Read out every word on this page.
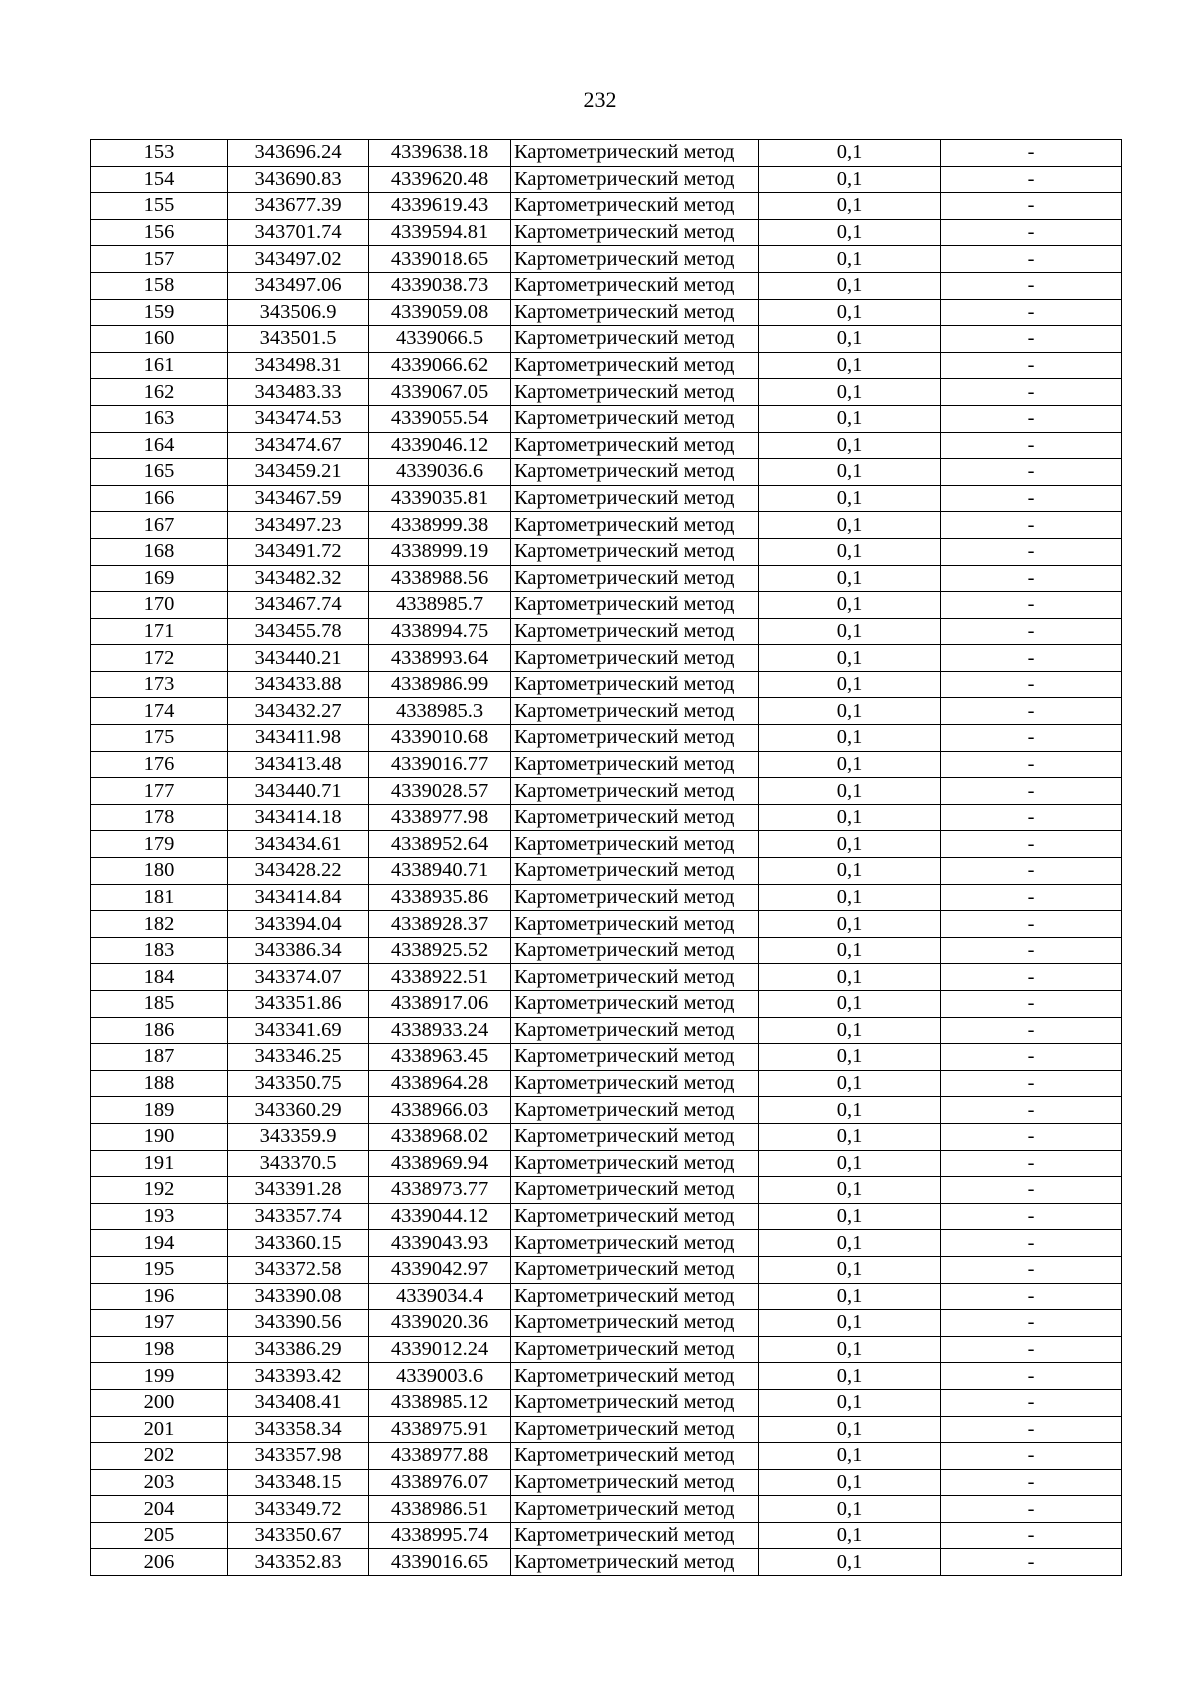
232
153	343696.24	4339638.18	Картометрический метод	0,1	-
154	343690.83	4339620.48	Картометрический метод	0,1	-
155	343677.39	4339619.43	Картометрический метод	0,1	-
156	343701.74	4339594.81	Картометрический метод	0,1	-
157	343497.02	4339018.65	Картометрический метод	0,1	-
158	343497.06	4339038.73	Картометрический метод	0,1	-
159	343506.9	4339059.08	Картометрический метод	0,1	-
160	343501.5	4339066.5	Картометрический метод	0,1	-
161	343498.31	4339066.62	Картометрический метод	0,1	-
162	343483.33	4339067.05	Картометрический метод	0,1	-
163	343474.53	4339055.54	Картометрический метод	0,1	-
164	343474.67	4339046.12	Картометрический метод	0,1	-
165	343459.21	4339036.6	Картометрический метод	0,1	-
166	343467.59	4339035.81	Картометрический метод	0,1	-
167	343497.23	4338999.38	Картометрический метод	0,1	-
168	343491.72	4338999.19	Картометрический метод	0,1	-
169	343482.32	4338988.56	Картометрический метод	0,1	-
170	343467.74	4338985.7	Картометрический метод	0,1	-
171	343455.78	4338994.75	Картометрический метод	0,1	-
172	343440.21	4338993.64	Картометрический метод	0,1	-
173	343433.88	4338986.99	Картометрический метод	0,1	-
174	343432.27	4338985.3	Картометрический метод	0,1	-
175	343411.98	4339010.68	Картометрический метод	0,1	-
176	343413.48	4339016.77	Картометрический метод	0,1	-
177	343440.71	4339028.57	Картометрический метод	0,1	-
178	343414.18	4338977.98	Картометрический метод	0,1	-
179	343434.61	4338952.64	Картометрический метод	0,1	-
180	343428.22	4338940.71	Картометрический метод	0,1	-
181	343414.84	4338935.86	Картометрический метод	0,1	-
182	343394.04	4338928.37	Картометрический метод	0,1	-
183	343386.34	4338925.52	Картометрический метод	0,1	-
184	343374.07	4338922.51	Картометрический метод	0,1	-
185	343351.86	4338917.06	Картометрический метод	0,1	-
186	343341.69	4338933.24	Картометрический метод	0,1	-
187	343346.25	4338963.45	Картометрический метод	0,1	-
188	343350.75	4338964.28	Картометрический метод	0,1	-
189	343360.29	4338966.03	Картометрический метод	0,1	-
190	343359.9	4338968.02	Картометрический метод	0,1	-
191	343370.5	4338969.94	Картометрический метод	0,1	-
192	343391.28	4338973.77	Картометрический метод	0,1	-
193	343357.74	4339044.12	Картометрический метод	0,1	-
194	343360.15	4339043.93	Картометрический метод	0,1	-
195	343372.58	4339042.97	Картометрический метод	0,1	-
196	343390.08	4339034.4	Картометрический метод	0,1	-
197	343390.56	4339020.36	Картометрический метод	0,1	-
198	343386.29	4339012.24	Картометрический метод	0,1	-
199	343393.42	4339003.6	Картометрический метод	0,1	-
200	343408.41	4338985.12	Картометрический метод	0,1	-
201	343358.34	4338975.91	Картометрический метод	0,1	-
202	343357.98	4338977.88	Картометрический метод	0,1	-
203	343348.15	4338976.07	Картометрический метод	0,1	-
204	343349.72	4338986.51	Картометрический метод	0,1	-
205	343350.67	4338995.74	Картометрический метод	0,1	-
206	343352.83	4339016.65	Картометрический метод	0,1	-
